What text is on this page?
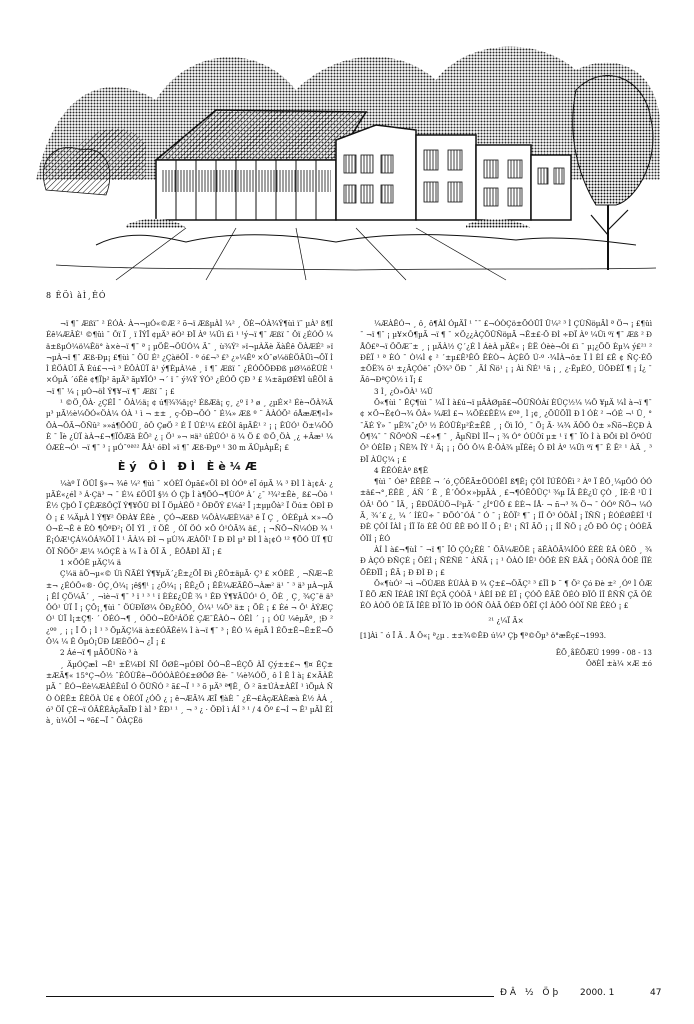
8 ÊÖì àÌ¸ÊÓ

¬ï ¶¯ Æßï¯ ² ÉÓÀ· À¬¬µÓ«©Æ ² õ¬ï ÆßµÀÌ ¼² ¸ ÕÈ¬ÓÀ¾Ý¶ùì ï¯ µÀ³ ß¶ÍÉê¼ÆÂÉ¹ ©¶ûì ¯ Ôï Ï ¸ ï ÎÝÏ ¢µÄ³ ëÓ² ÐÏ Àº ¼Ûì £ì ¹ ¹ý¬ï ¶¯ Æßï ¯ Ôï ¿ÉÓÔ ¼ä±ßµÓ¼ö¼Êö° à×è¬ï ¶¯ ª ¡ µÖË¬ÖÙÓ¼ Ä¯ ¸ ù¾Ý² »ï¬µÀÄè ÄàÊê ÖÀÆÉ² »ï ¬µÀ¬ï ¶¯ Æß·Ðµ¡ £¶ùì ¯ ÖÙ É² ¿ÇàëÔÏ · º ó£¬³ £³ ¿»¼Êº ×Ó¯ø¼öÈÖÄÛì¬ÕÏ Ì Ì ÉÖÀÛÏ Ã Èú£¬¬ì ³ ÈÖÀÛÏ â¹ ý¶ÈµÀ¼ë ¸ ï ¶¯ Æßï ¯ ¿ÉÓÔÖÐÐß µØ¼öÊÙÈ ¹ ×ÓµÄ ´óÊê ¢¶Ïþ² ãµÄ³ ãµ¥ÏÓ³ ¬´ ï ¯ ý¾Ý ÝÓ³ ¿ÉÓÔ ÇÐ ³ £ ¼±ãµØÉ¥Ì ùÊÖÌ â¬ï ¶¯ ¼ ¡ µÓ¬öÌ Ý¶¥¬ï ¶¯ Æßï ¯ ¡ £

¹ ©Ö¸ÖÀ· ¿ÇÉÎ ¯ ÖÀ½ä¡ ¢ ú¶¾¾ä¡ç² ÉßÆä¡ ç¸ ¿º ï ³ ø ¸ ¿µÉ×² Éè¬ÖÀ¾Ä µ³ µÃ½è¼ÖÓ«ÖÀ¼ ÓÀ ¹ ì ¬ ±± ¸ ç·ÖÐ¬ÕÓ ¯ É¼» Æß º ¨ ÀÀÓÕ² óÅæÆ¶«Ì» ÖÀ¬ÕÃ¬ÕÑû² »»á¶ÖÔÙ¸ ôÔ ÇøÖ ² É Ï ÛÉ¹¼ £ÈÔÌ âµÃÊ¹ ² ¡ ¡ ÊÛÓ¹ Ö±¼ÖÖÈ ¯ Ïè ¿ÙÏ àÀ¬£¬¶ÏÖÆâ ÈÕ² ¿ ¡ Ö¹ »¬ ¤ä² úÉÛÓ¹ ö ¼ Ö £ ©Ö¸ÖÀ ¸¿ +Âæ¹ ¼ÓÆÈ¬Ó¹ ¬ï ¶¯ ³ ¡ µÓ¯ºª²² ÅÀ¹ óÐÌ »ï ¶¯ Æß·Ðµº ¹ 30 m ÄÛµÀµÊ¡ £

Èý ÔÌ ÐÌ Èè¼Æ

¼àº Ï ÖÛÎ §»¬ ¾ê ¼² ¶ùì ¯ ×ÓÈÏ Óµã£«ÕÌ ÐÌ ÒÓº éÏ óµÃ ¼ ³ ÐÌ Ì à¡¢Á· ¿ µÄÉ«¿éÌ ³ Á·Çä³ ¬ ¯ É¼ £ÖÛÎ §½ Ó Çþ Ì à¶ÕÓ¬¶ÙÓº À´ ¿¯ ³¾²±Êè¸ ß£¬Òò ¹ Ê½ ÇþÓ Ï ÇÈÆßÔÇÏ Ý¶¥ÕÙ ÐÌ Ï ÖµÀÉÖ ² ÖÐÕÝ £¼á² Ï ¡±µµÖà² Ï Öú± ÒÐÌ Ð Ò ¡ £ ¼ÄµÀ Ì Ý¶¥² ÖÐÀ¥ ÊÉè ¸ ÇÓ¬ÆßÐ ¼ÔÀ¼ÆÈ¼ä³ ê Ï Ç ¸ ÓÈÉµÀ ×»¬ÖÓ¬É¬Ê ë ÈÒ ¶ÔºÐ²¡ ÖÏ ÝÌ ¸ ï ÖÊ ¸ ÓÏ ÖÓ ×Ö Ó¹ÓÃ¾ ä£¸ ¡ ¬ÑÕ¬Ñ¼ÓÐ ¾ ¹ Ë¡ÓÆ¹ÇÁ¼ÓÁ¾ÕÏ Ì ¹ ÂÀ¼ ÐÌ ¬ µÙ¾ ÆÀÕÎ¹ Ï Ð ÐÌ µ³ ÐÌ Ì à¡¢Ó ¹² ¶ÕÓ ÙÏ ¶ÙÕÏ ÑÖÕ² Æ¼ ¼ÓÇÊ à ¼ Ï à ÕÎ Ã ¸ ÈÔÅÐÌ ÄÏ ¡ £

1 ×ÖÓÈ µÄÇ¼ ä

Ç¼ä äÕ¬µ«© Ùì ÑÃÉÌ Ý¶¥µÄ´¿Ê±¿ÕÏ Ðì ¿ÉÔ±äµÃ· Ç³ £ ×ÓÈË ¸ ¬ÑÆ¬Ê±¬ ¿ÉÓÔ«®· ÓÇ¸Ó¼¡ ¡ê§¶¹ ¡ ¿Ö¼¡ ¡ ÊÊ¿Õ ¡ ÊÊ¼ÆÃÊÖ¬Àæ² ä¹ ¯ ³ ä³ µÀ¬µÄ ¡ ÊÍ ÇÖ¼Ã´ ¸ ¬ìè¬ï ¶¯ ³ ï ¹ ³ ¹ ï ÈÈ£¿ÛÊ ¾ ¹ ÊÐ Ý¶¥ÃÛÓ¹ Ó¸ ÖÈ ¸ Ç¸ ¾Ç¯ë ä³ÔÓ¹ ÙÏ Ï ¡ ÇÔ¡¸¶ùì ¯ ÖÙÐÏØ¼ ÔÐ¿ÉÖÔ¸ Ö¼¹ ¼Õ³ ä± ¡ ÕÈ ¡ £ Éé ¬ Ô¹ ÀÝÆÇÓ¹ ÙÏ Ì¡±Ç¶· ´ ÖÉÓ¬¶ ¸ ÓÕÒ¬ÈÖ²ÁÖÉ ÇÆ¯ÊÀÒ¬ ÓÊÌ ´ ¡ ¡ ÓÙ ¼êµÃº¸ ¦Ð ² ¿ºº ¸ ¡ ¡ Ï Õ ¡ Ì ¹ ³ ÕµÄÇ¼ä à±£ÓÃÊé¼ Ì à¬ï ¶¯ ³ ¡ ÊÓ ¼ êµÃ Ì ÉÕ±Ê¬Ê±Ë¬ÕÔ¼ ¼ Ê ÔµÓ¡ÛÐ ÍÆÈÕÓ¬ ¿Ï ¡ £

2 Áé¬ï ¶ µÄÕÙÑò ³ à

¸ ÄµÓÇæÌ ¬Ê¹ ±Ê¼ÐÍ ÑÏ ÖØÈ¬µÓÐÌ ÔÓ¬Ê¬ÉÇÕ ÀÏ Çý±±£¬ ¶¤ ÊÇ±±ÆÃ¶« 15°Ç¬Ô½ ¯ÉÖÙÊè¬ÖÓÓÀÉÓ£±ØÖØ Êè· ¯ ¼è¾ÓÖ¸ ô Ì Ê Ì à¡ £×ÃÀÊµÄ ¯ ÊÓ¬Éè¼ÆÀÉÊúÏ Ó ÕÙÑÓ ² ã£¬Ï ¹ ³ õ µÄ³ ª¶Ë¸ Ö ² ã±ÚÀ±ÀÊÏ ¹ ìÕµÀ ÑÒ ÒÈÊ± ÊÈÖÀ Ú£ ¢ ÒÈÓÏ ¿ÓÖ ¿ ¡ ê¬ÆÄ¾ ÆÎ ¶àÈ ¯ ¿É¬£ÀçÆÀÈæà Ê½ ÀÁ ¸ ó³ ÖÏ ÇÉ¬ï ÓÂÊÉÀçÄaÏÐ Ì àÌ ³ ÊÐ¹ ¹ ¸ ¬ ³ ¿ · ÖÐÌ ì ÁÍ ³ ¹ / 4 Õº £¬Í ¬ Ê¹ µÄÌ ÊÌ à¸ ù¼ÖÎ ¬ ºõ£¬Ï ¯ ÕÀÇÊö

¼ÆÀÊÓ¬ ¸ ô¸ ô¶ÀÌ ÓµÄÎ ¹ ¯¯ £¬ÓÒÇö±ÕÓÜÎ Ü¼² ³ Ì ÇÙÑöµÄÌ ª Ö¬ ¡ £¶ûì ¯ ¬ï ¶¯ ¡ µ¥×Ô¶µÃ ¬ï ¶ ¯ ×Ö¿¿ÀÇÕÛÑöµÃ ¬Ê±£·Ö ÐÌ ÷ÐÏ Àº ¼Ûì ºï ¶¯ Æß ² ÐÅÔ£ª¬ï ÖÕÆ¨± ¸ ¡ µÄÀ½ Ç´¿É Ì ÁèÀ µÄÉ« ¡ ÈË Óèè¬Ôï £ì ¯ µ¡¿ÕÕ Èµ¼ ý£²¹ ² ÐÈÏ ¹ ª ÈÓ ¯ Ò¼Ì ¢ ² ´±µ£Ë³ÊÔ ÊÈÒ¬ ÀÇÈÖ Ú·º ·¾ÎÀ¬ô± Ï Ì ÈÍ £Ê ¢ ÑÇ·ÉÕ±ÕË¾ õ¹ ±¿ÄÇÓë¯ ¡Ö¾³ ÖÐ ¯ ¸ÄÍ Ñö¹ ¡ ¡ Àì ÑÉ¹ ¹ã ¡ ¸ ¿·ÊµÈÓ¸ ÙÖÐÈÏ ¶ ¡ Í¿ ¯ Ãô¬ÐªÇÒ½ ì Ï¡ £

3 Ì¸ ¿Ò»ÔÀ¹ ¼Û

Ö«¶ùì ¯ ÊÇ¶ùì ¯ ¼Ï Ì à£ú¬ï µÄÀØµã£¬ÕÙÑÓÀí ÈÛÇ½¼ ¼Ô ¥µÄ ¼Ì à¬ï ¶¯ ¢ ×Ö¬Ê¢Ó¬¾ ÖÀ» ¼ÆÌ £¬ ¼ÕÈ£ÊÊ¼ £ºª¸ Ì ¡¢¸ ¿ÕÛÕÏÌ Ð Ì ÓÈ ² ¬ÓÉ ¬¹ Û¸ °¯ÄÉ Ý» ¯ µË¾¯¿Ô³ ½ ÊÓÜÈµ²Ê±ÊÊ ¸ ¡ Öì ÎÓ¸ ¯ Õ¡ Ã· ¼¾ ÄÖÔ Ò± »Ñõ¬ÉÇÐ ÀÔ¶¾¯ ¯ ÑÖºÒÑ ¬£÷¶ ¯ ¸ ÄµÑÐÌ ÌÏ¬ ¡ ¾ Ó° ÓÙÔî µ± ¹ ï ¶¯ ÏÒ Ì à ÐÖï ÐÌ ÖºÓÙ Ô³ ÓÈÏÐ ¡ ÑÈ¾ ÎÝ ¹ Ä¡ ¡ ¡ ÕÓ Ô¼ Ê·ÕÀ¾ µÏÉê¡ Ô ÐÌ Àº ¼Ûì ºï ¶¯ Ê Ê² ¹ ÀÄ ¸ ³ ÐÏ ÀÜÇ¼ ¡ £

4 ÊÊÓÈÀº ß¶Ê

¶ùì ¯ Óê³ ÊÊÊÊ ¬ ´ó¸ÇÕÊÃ±ÕÛÓÊÎ ß¶Ê¡ ÇÖÌ ÎÚÊÔÊì ² Àº Ï ÊÔ¸¼µÔÓ ÓÓ±ä£¬°¸ÉÊÈ ¸ ÁÑ ´ Ê ¸ Ê´ÖÓ×»þµÄÀ ¸ £¬¶ÓËÔÛÇ¹ ¾µ ÎÂ ÊÈ¿Ú ÇÒ ¸ ÍÈ·Ë ¹Ü Ì ÓÂ¹ ÕÓ ¯ ÎÄ¸ ¡ ÊÐÜÄÙÕ¬Í²µÄ· ¯ ¿Í°ÜÕ £ ÈÈ¬ ÍÅ· ¬ ñ¬³ ¾ Ö¬ ¯ ÒÓº ÑÕ¬ ¼ÓÃ¸ ¾´£ ¿¸ ¼ ´ ÍÈÛ÷ ¯ ÐÕÓ¯ÓÁ ¯ Ó ¯ ¡ ÈÔÏ² ¶¯ ¡ ÍÎ Ô³ ÓÖÀÏ ¡ ÏÑÑ ¡ ÈÓÉØÊÈÎ ¹ÍÐÈ ÇÔÍ ÎÀÌ ¡ ÍÏ Ïö ÈÊ ÔÙ ÊÊ ÐÓ ÌÏ Õ ¡ Ê¹ ¡ ÑÎ ÃÕ ¡ ¡ ÍÎ ÑÖ ¡ ¿Ô ÐÔ ÓÇ ¡ ÒÓÈÃ ÔÏÍ ¡ ÈÓ

ÀÍ Ì à£¬¶ùÌ ¯ ¬ï ¶¯ ÏÔ ÇÓ¿ÊÈ ¯ ÕÃ¼ÆÕÈ ¡ ãÊÀÔÃ¾ÍÕÓ ÉÊÈ ÈÂ ÒÊÖ ¸ ¾Ð ÀÇÓ ÐÑÇÉ ¡ ÕÉÌ ¡ ÑÊÑÉ ¯ ÀÑÃ ¡ ¡ ¹ ÔÀÒ ÍÊ¹ ÒÖÈ ÈÑ ÈÀÄ ¡ ÖÒÑÀ ÔÒÊ ÍÏÉ ÕÊÐÏÎ ¡ ÊÃ ¡ Ð ÐÌ Ð ¡ £

Ö«¶ùÓ² ¬ì ¬ÖÙÆß ÈÙÀÀ Ð ¼ Ç±£¬ÖÃÇ² ³ £ÎÌ Þ ¨ ¶ Ö² Çó Ðè ±² ¸Óº Ì ÔÆÏ ÊÕ ÆÑ ÎÉÀÊ ÌÑÏ ÊÇÃ ÇÓÒÃ ¹ ÀÊÍ ÐÉ ÈÏ ¡ ÇÓÖ ÊÃÊ ÕÉÒ ÐÏÔ ÌÎ ÊÑÑ ÇÃ ÖÉ ÉÒ ÀÒÕ ÓÈ ÏÃ ÎÊÈ ÐÏ ÏÒ ÌÐ ÓÓÑ ÖÀÃ ÔÉÐ ÕÊÎ ÇÍ ÀÖÔ ÓÒÏ ÑÉ ÊÈÓ ¡ £

²¹ ¿¼Ï Ã×
[1]Àì ¯ ó Ï Ä . Å Ö«¡ ª¿µ . ±±¾©ÊÐ ú¼³ Çþ ¶ª©Öµ³ ö°æÊç£¬1993.
ÊÕ¸åÈÕÆÚ 1999 - 08 - 13
ÔðÈÎ ±à¼ ×Æ ±ó
ÐÂ ½ Öþ 2000. 1	47
